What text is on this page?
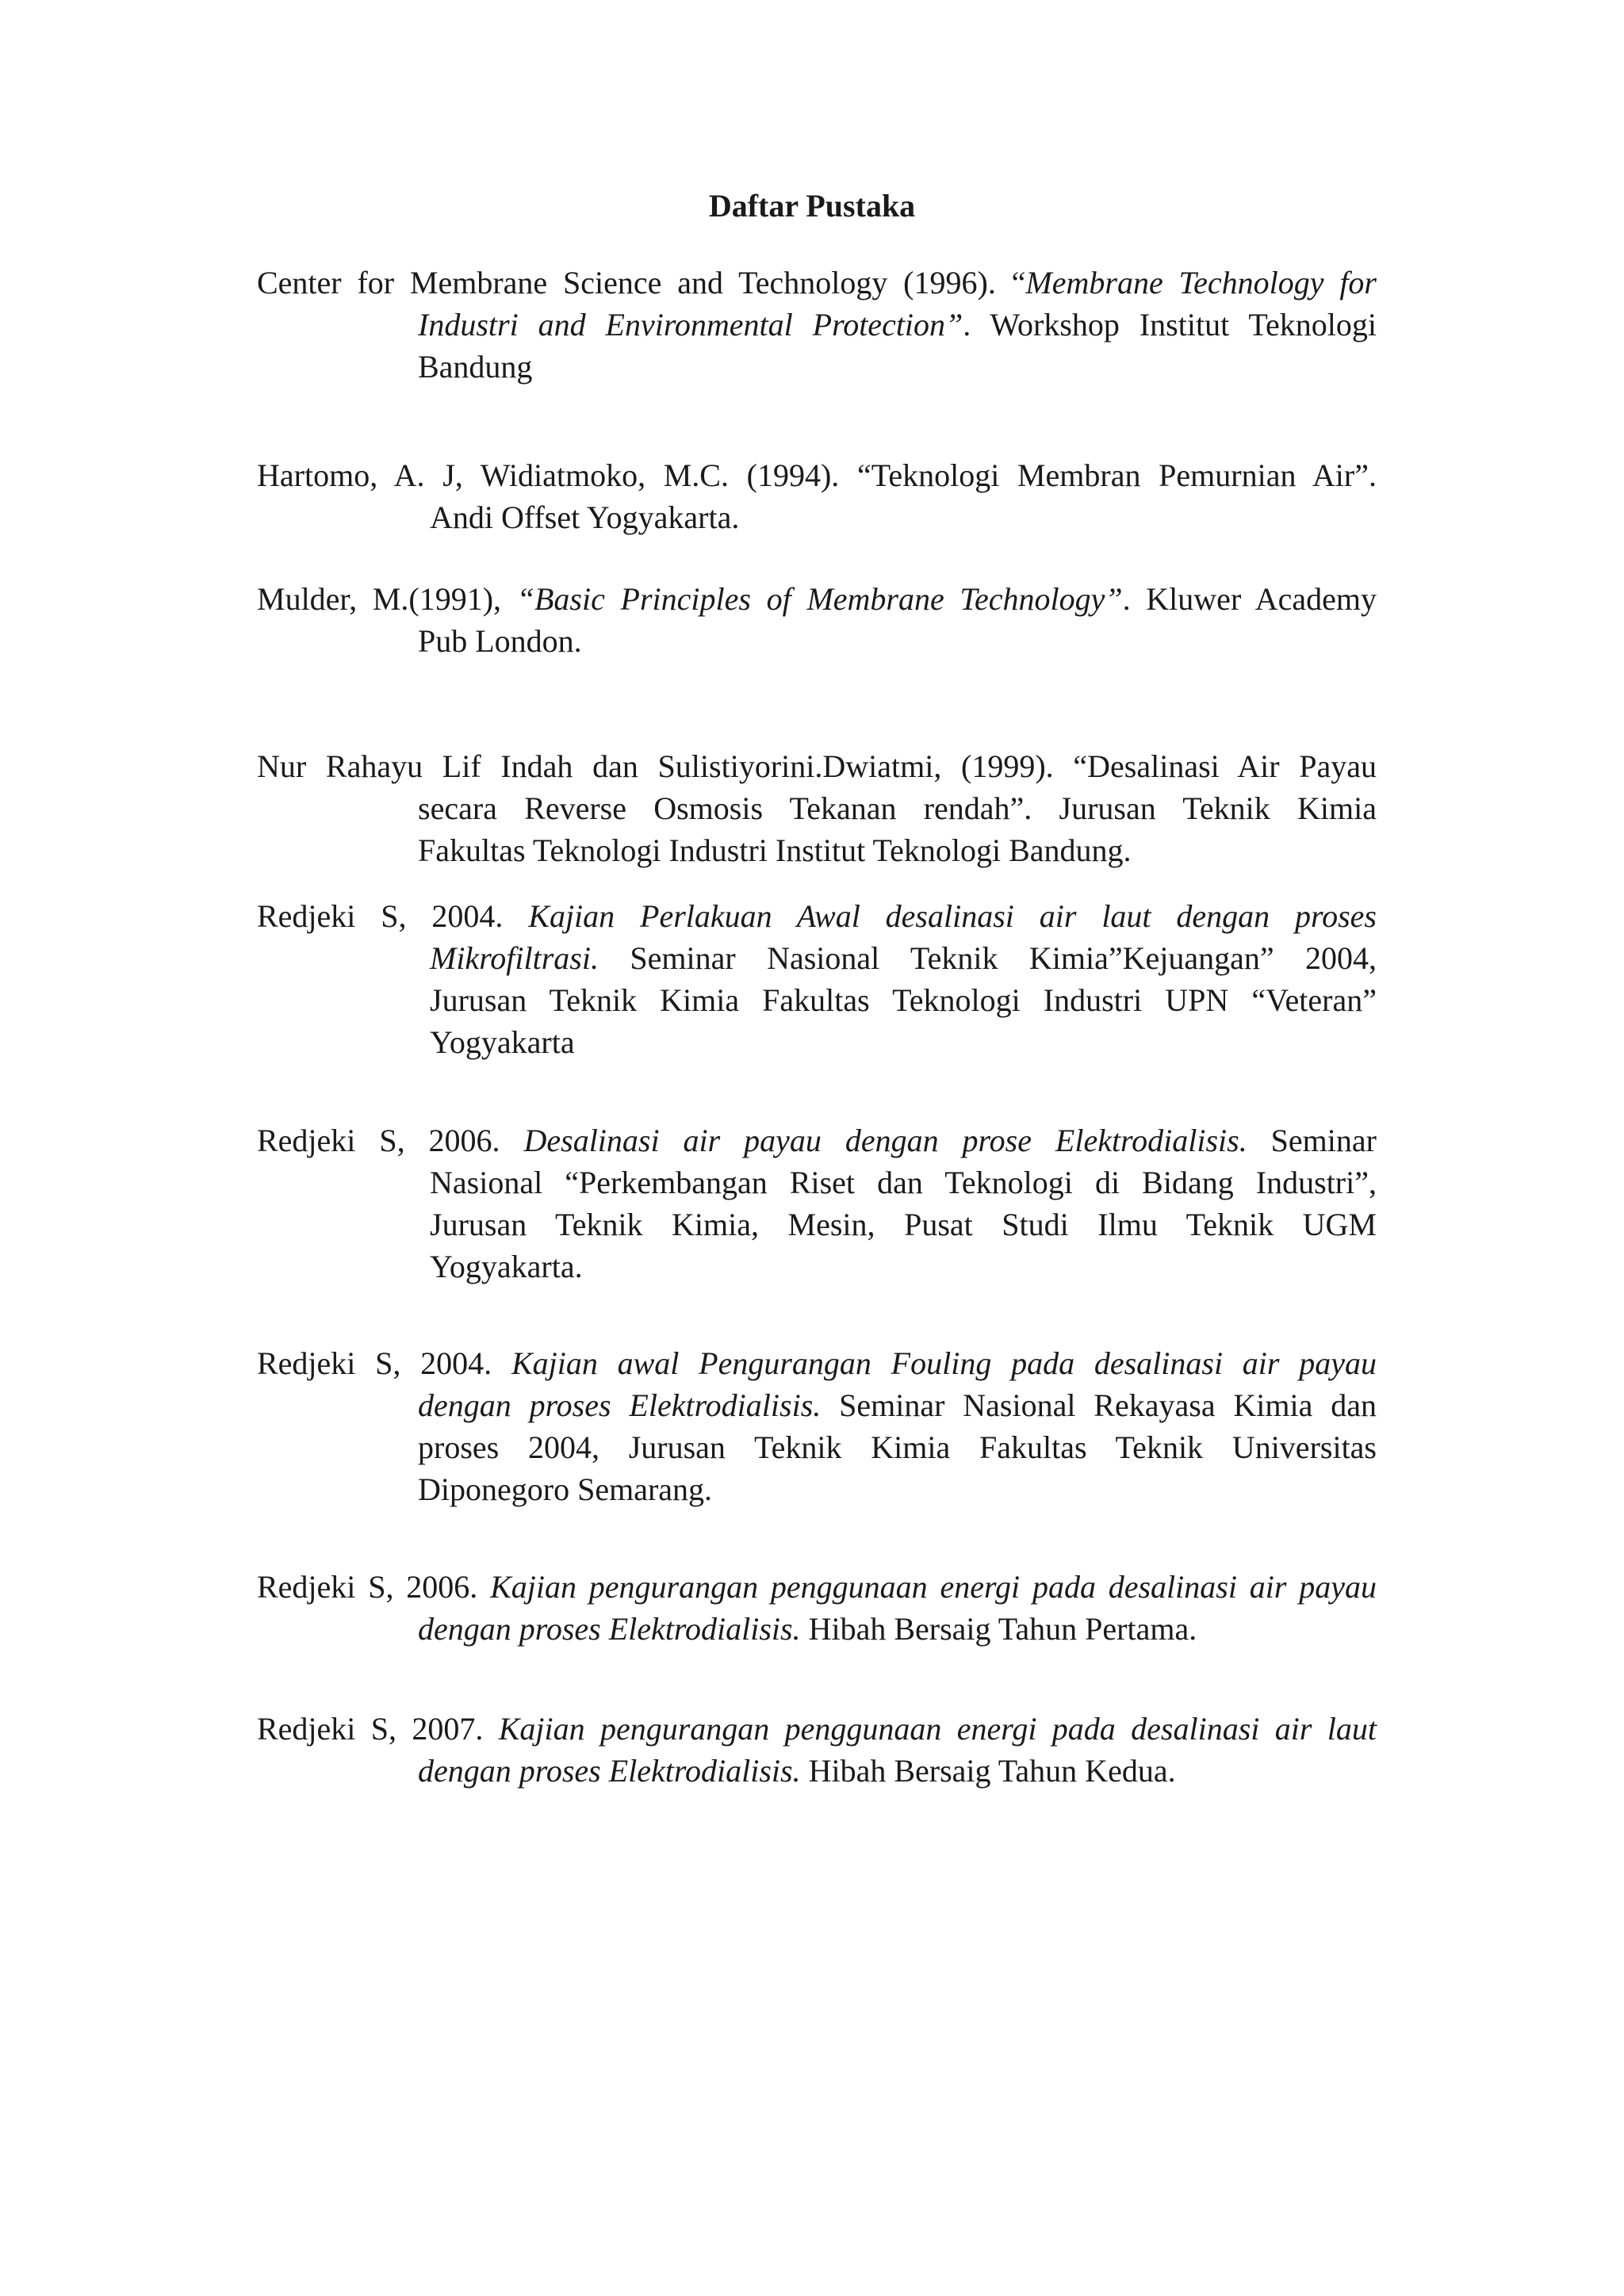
Daftar Pustaka

Center for Membrane Science and Technology (1996). “Membrane Technology for
Industri and Environmental Protection”. Workshop Institut Teknologi
Bandung

Hartomo, A. J, Widiatmoko, M.C. (1994). “Teknologi Membran Pemurnian Air”.
Andi Offset Yogyakarta.

Mulder, M.(1991), “Basic Principles of Membrane Technology”. Kluwer Academy
Pub London.

Nur Rahayu Lif Indah dan Sulistiyorini.Dwiatmi, (1999). “Desalinasi Air Payau
secara Reverse Osmosis Tekanan rendah”. Jurusan Teknik Kimia
Fakultas Teknologi Industri Institut Teknologi Bandung.

Redjeki S, 2004. Kajian Perlakuan Awal desalinasi air laut dengan proses
Mikrofiltrasi. Seminar Nasional Teknik Kimia”Kejuangan” 2004,
Jurusan Teknik Kimia Fakultas Teknologi Industri UPN “Veteran”
Yogyakarta

Redjeki S, 2006. Desalinasi air payau dengan prose Elektrodialisis. Seminar
Nasional “Perkembangan Riset dan Teknologi di Bidang Industri”,
Jurusan Teknik Kimia, Mesin, Pusat Studi Ilmu Teknik UGM
Yogyakarta.

Redjeki S, 2004. Kajian awal Pengurangan Fouling pada desalinasi air payau
dengan proses Elektrodialisis. Seminar Nasional Rekayasa Kimia dan
proses 2004, Jurusan Teknik Kimia Fakultas Teknik Universitas
Diponegoro Semarang.

Redjeki S, 2006. Kajian pengurangan penggunaan energi pada desalinasi air payau
dengan proses Elektrodialisis. Hibah Bersaig Tahun Pertama.

Redjeki S, 2007. Kajian pengurangan penggunaan energi pada desalinasi air laut
dengan proses Elektrodialisis. Hibah Bersaig Tahun Kedua.
